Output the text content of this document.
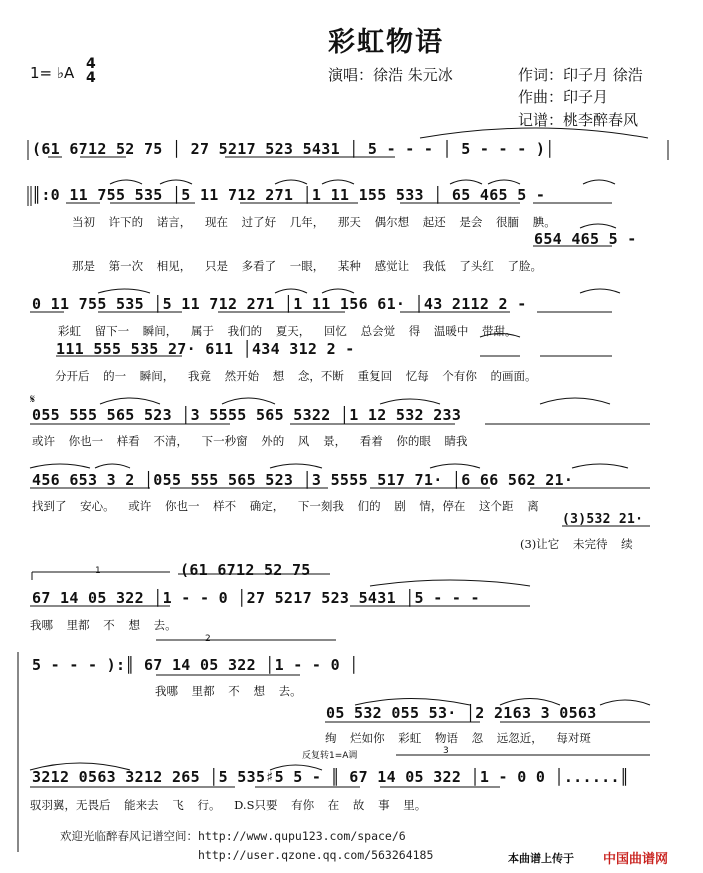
彩虹物语
1= ♭A 4
4	演唱：徐浩 朱元冰	作词：印子月 徐浩
作曲：印子月
记谱：桃李醉春风
(61 6712 52 75 │ 27 5217 523 5431 │ 5 - - - │ 5 - - - )│
║:0 11 755 535 │5 11 712 271 │1 11 155 533 │ 65 465 5 -
当初 许下的 诺言， 现在 过了好 几年， 那天 偶尔想 起还 是会 很腼 腆。
654 465 5 -
那是 第一次 相见， 只是 多看了 一眼， 某种 感觉让 我低 了头红 了脸。
0 11 755 535 │5 11 712 271 │1 11 156 61· │43 2112 2 -
彩虹 留下一 瞬间， 属于 我们的 夏天， 回忆 总会觉 得 温暖中 带甜。
111 555 535 27· 611 │434 312 2 -
分开后 的一 瞬间， 我竟 然开始 想 念，不断 重复回 忆每 个有你 的画面。
𝄋
055 555 565 523 │3 5555 565 5322 │1 12 532 233
或许 你也一 样看 不清， 下一秒窗 外的 风 景， 看着 你的眼 睛我
456 653 3 2 │055 555 565 523 │3 5555 517 71· │6 66 562 21·
找到了 安心。 或许 你也一 样不 确定， 下一刻我 们的 剧 情，停在 这个距 离
(3)532 21·
(3)让它 未完待 续
1	(61 6712 52 75
67 14 05 322 │1 - - 0 │27 5217 523 5431 │5 - - -
我哪 里都 不 想 去。
2
5 - - - ):║ 67 14 05 322 │1 - - 0 │
我哪 里都 不 想 去。
05 532 055 53· │2 2163 3 0563
绚 烂如你 彩虹 物语 忽 远忽近， 每对斑
反复转1=A调	3
3212 0563 3212 265 │5 535♯5 5 - ║ 67 14 05 322 │1 - 0 0 │......║
驭羽翼，无畏后 能来去 飞 行。 D.S只要 有你 在 故 事 里。
欢迎光临醉春风记谱空间：http://www.qupu123.com/space/6
http://user.qzone.qq.com/563264185	本曲谱上传于 中国曲谱网
